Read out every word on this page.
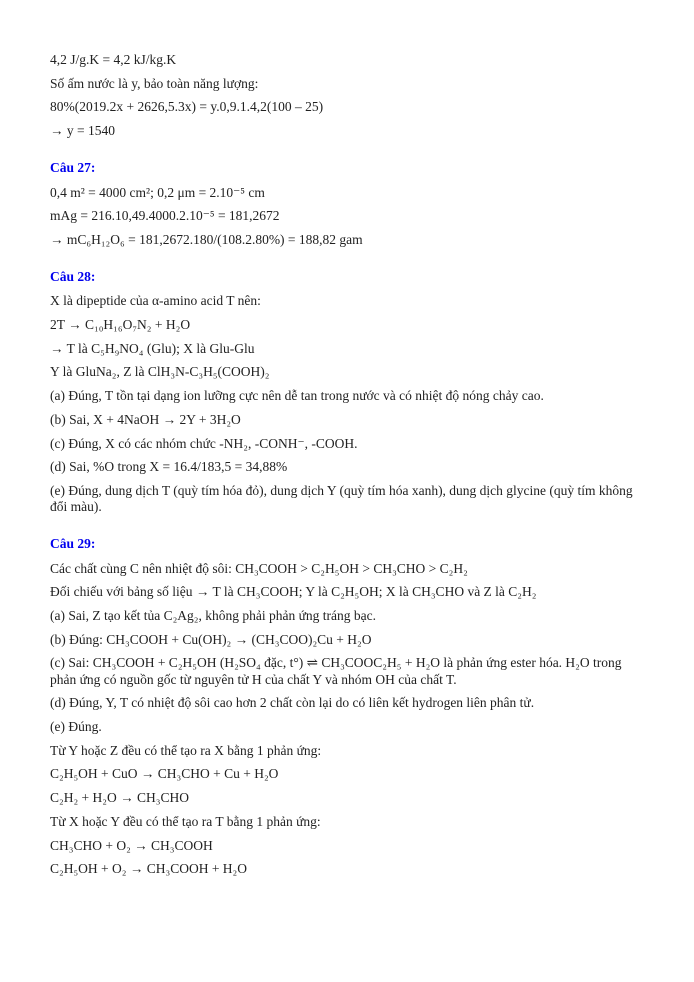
4,2 J/g.K = 4,2 kJ/kg.K

Số ấm nước là y, bảo toàn năng lượng:

80%(2019.2x + 2626,5.3x) = y.0,9.1.4,2(100 – 25)

→ y = 1540

Câu 27:

0,4 m² = 4000 cm²; 0,2 μm = 2.10⁻⁵ cm

mAg = 216.10,49.4000.2.10⁻⁵ = 181,2672

→ mC₆H₁₂O₆ = 181,2672.180/(108.2.80%) = 188,82 gam

Câu 28:

X là dipeptide của α-amino acid T nên:

2T → C₁₀H₁₆O₇N₂ + H₂O

→ T là C₅H₉NO₄ (Glu); X là Glu-Glu

Y là GluNa₂, Z là ClH₃N-C₃H₅(COOH)₂

(a) Đúng, T tồn tại dạng ion lưỡng cực nên dễ tan trong nước và có nhiệt độ nóng chảy cao.

(b) Sai, X + 4NaOH → 2Y + 3H₂O

(c) Đúng, X có các nhóm chức -NH₂, -CONH⁻, -COOH.

(d) Sai, %O trong X = 16.4/183,5 = 34,88%

(e) Đúng, dung dịch T (quỳ tím hóa đỏ), dung dịch Y (quỳ tím hóa xanh), dung dịch glycine (quỳ tím không đổi màu).

Câu 29:

Các chất cùng C nên nhiệt độ sôi: CH₃COOH > C₂H₅OH > CH₃CHO > C₂H₂

Đối chiếu với bảng số liệu → T là CH₃COOH; Y là C₂H₅OH; X là CH₃CHO và Z là C₂H₂

(a) Sai, Z tạo kết tủa C₂Ag₂, không phải phản ứng tráng bạc.

(b) Đúng: CH₃COOH + Cu(OH)₂ → (CH₃COO)₂Cu + H₂O

(c) Sai: CH₃COOH + C₂H₅OH (H₂SO₄ đặc, t°) ⇌ CH₃COOC₂H₅ + H₂O là phản ứng ester hóa. H₂O trong phản ứng có nguồn gốc từ nguyên tử H của chất Y và nhóm OH của chất T.

(d) Đúng, Y, T có nhiệt độ sôi cao hơn 2 chất còn lại do có liên kết hydrogen liên phân tử.

(e) Đúng.

Từ Y hoặc Z đều có thể tạo ra X bằng 1 phản ứng:

C₂H₅OH + CuO → CH₃CHO + Cu + H₂O

C₂H₂ + H₂O → CH₃CHO

Từ X hoặc Y đều có thể tạo ra T bằng 1 phản ứng:

CH₃CHO + O₂ → CH₃COOH

C₂H₅OH + O₂ → CH₃COOH + H₂O
